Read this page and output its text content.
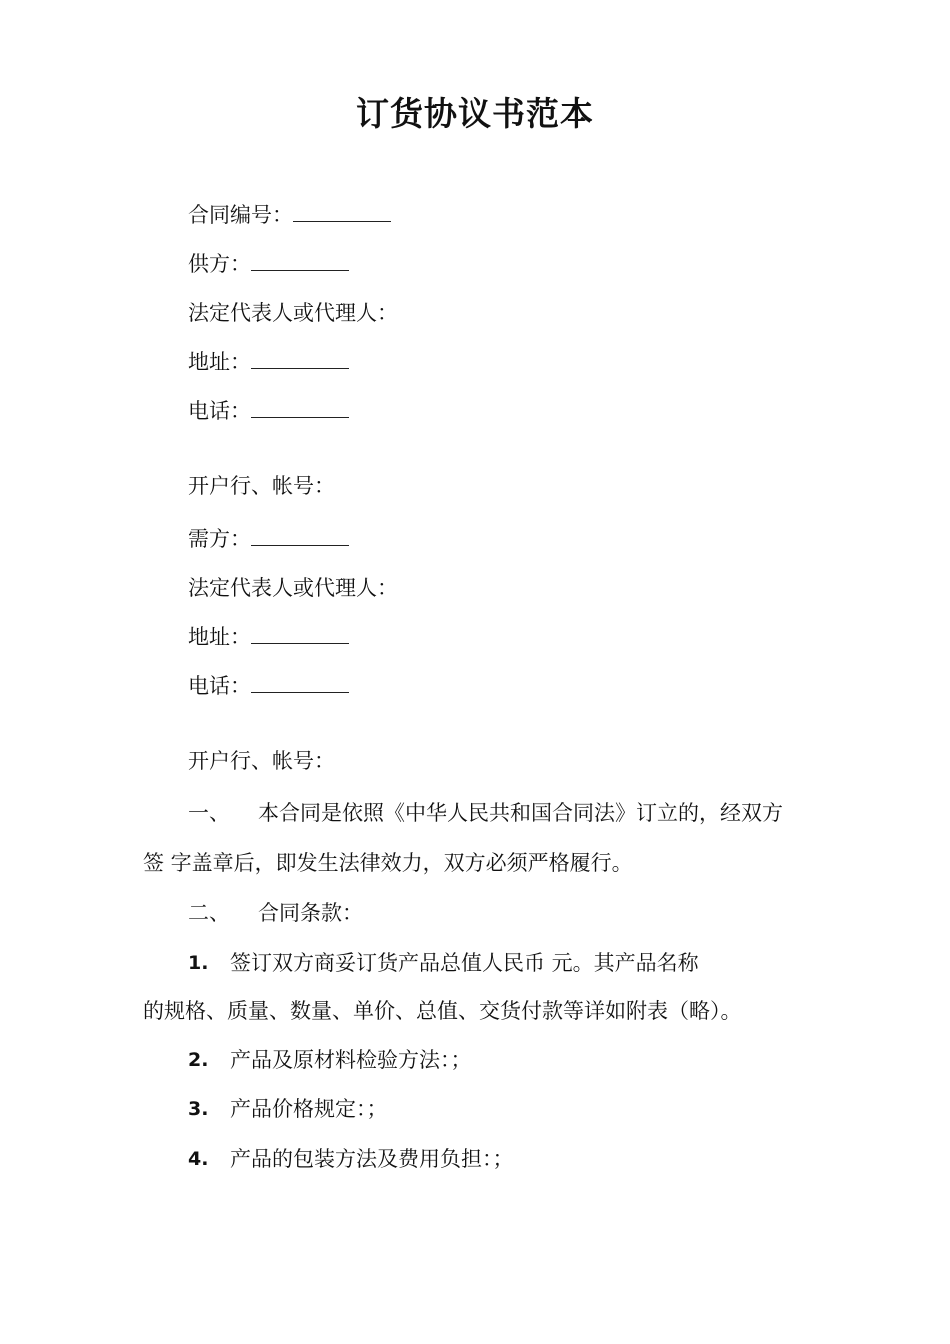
订货协议书范本
合同编号：
供方：
法定代表人或代理人：
地址：
电话：
开户行、帐号：
需方：
法定代表人或代理人：
地址：
电话：
开户行、帐号：
一、 本合同是依照《中华人民共和国合同法》订立的，经双方
签 字盖章后，即发生法律效力，双方必须严格履行。
二、 合同条款：
1. 签订双方商妥订货产品总值人民币 元。其产品名称
的规格、质量、数量、单价、总值、交货付款等详如附表（略）。
2. 产品及原材料检验方法：；
3. 产品价格规定：；
4. 产品的包装方法及费用负担：；
